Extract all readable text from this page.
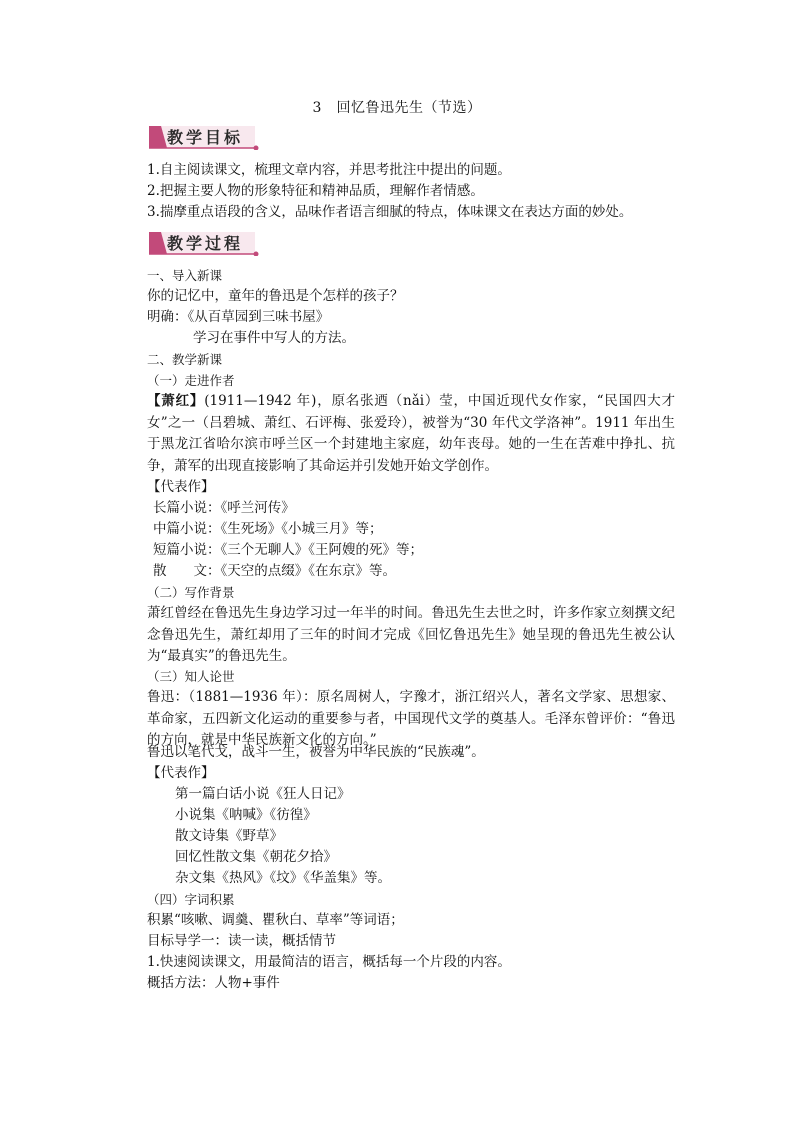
3　回忆鲁迅先生（节选）
教学目标
1.自主阅读课文，梳理文章内容，并思考批注中提出的问题。
2.把握主要人物的形象特征和精神品质，理解作者情感。
3.揣摩重点语段的含义，品味作者语言细腻的特点，体味课文在表达方面的妙处。
教学过程
一、导入新课
你的记忆中，童年的鲁迅是个怎样的孩子？
明确：《从百草园到三味书屋》
学习在事件中写人的方法。
二、教学新课
（一）走进作者
【萧红】(1911—1942 年)，原名张迺（nǎi）莹，中国近现代女作家，“民国四大才女”之一（吕碧城、萧红、石评梅、张爱玲），被誉为“30 年代文学洛神”。1911 年出生于黑龙江省哈尔滨市呼兰区一个封建地主家庭，幼年丧母。她的一生在苦难中挣扎、抗争，萧军的出现直接影响了其命运并引发她开始文学创作。
【代表作】
长篇小说：《呼兰河传》
中篇小说：《生死场》《小城三月》等；
短篇小说：《三个无聊人》《王阿嫂的死》等；
散　　文：《天空的点缀》《在东京》等。
（二）写作背景
萧红曾经在鲁迅先生身边学习过一年半的时间。鲁迅先生去世之时，许多作家立刻撰文纪念鲁迅先生，萧红却用了三年的时间才完成《回忆鲁迅先生》她呈现的鲁迅先生被公认为“最真实”的鲁迅先生。
（三）知人论世
鲁迅：（1881—1936 年）：原名周树人，字豫才，浙江绍兴人，著名文学家、思想家、革命家，五四新文化运动的重要参与者，中国现代文学的奠基人。毛泽东曾评价：“鲁迅的方向，就是中华民族新文化的方向。”
鲁迅以笔代戈，战斗一生，被誉为中华民族的“民族魂”。
【代表作】
第一篇白话小说《狂人日记》
小说集《呐喊》《彷徨》
散文诗集《野草》
回忆性散文集《朝花夕拾》
杂文集《热风》《坟》《华盖集》等。
（四）字词积累
积累“咳嗽、调羹、瞿秋白、草率”等词语；
目标导学一：读一读，概括情节
1.快速阅读课文，用最简洁的语言，概括每一个片段的内容。
概括方法：人物+事件
